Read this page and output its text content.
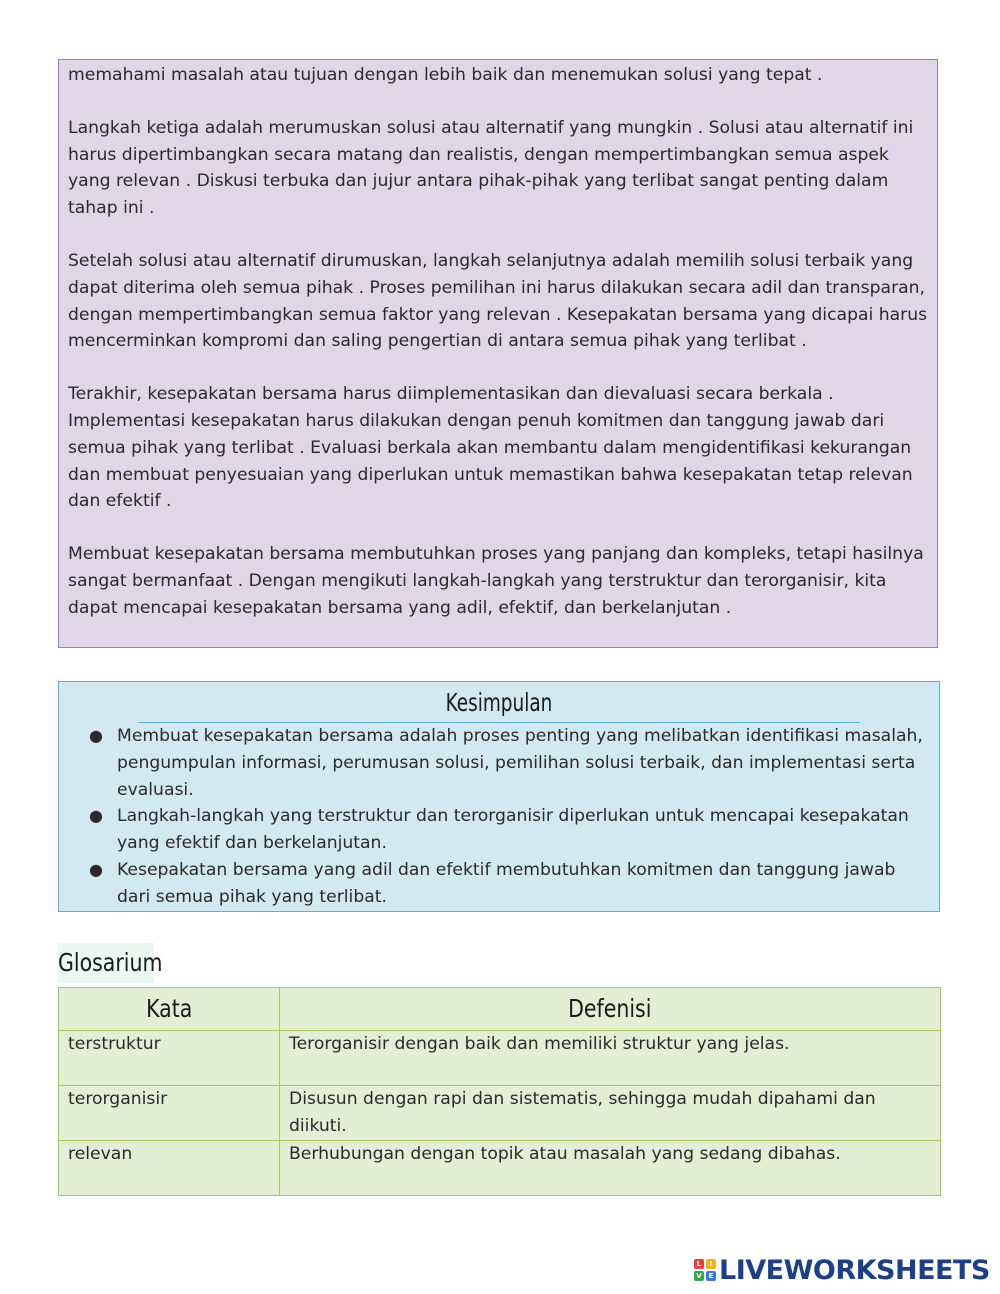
memahami masalah atau tujuan dengan lebih baik dan menemukan solusi yang tepat .

Langkah ketiga adalah merumuskan solusi atau alternatif yang mungkin . Solusi atau alternatif ini harus dipertimbangkan secara matang dan realistis, dengan mempertimbangkan semua aspek yang relevan . Diskusi terbuka dan jujur antara pihak-pihak yang terlibat sangat penting dalam tahap ini .

Setelah solusi atau alternatif dirumuskan, langkah selanjutnya adalah memilih solusi terbaik yang dapat diterima oleh semua pihak . Proses pemilihan ini harus dilakukan secara adil dan transparan, dengan mempertimbangkan semua faktor yang relevan . Kesepakatan bersama yang dicapai harus mencerminkan kompromi dan saling pengertian di antara semua pihak yang terlibat .

Terakhir, kesepakatan bersama harus diimplementasikan dan dievaluasi secara berkala . Implementasi kesepakatan harus dilakukan dengan penuh komitmen dan tanggung jawab dari semua pihak yang terlibat . Evaluasi berkala akan membantu dalam mengidentifikasi kekurangan dan membuat penyesuaian yang diperlukan untuk memastikan bahwa kesepakatan tetap relevan dan efektif .

Membuat kesepakatan bersama membutuhkan proses yang panjang dan kompleks, tetapi hasilnya sangat bermanfaat . Dengan mengikuti langkah-langkah yang terstruktur dan terorganisir, kita dapat mencapai kesepakatan bersama yang adil, efektif, dan berkelanjutan .

Kesimpulan
● Membuat kesepakatan bersama adalah proses penting yang melibatkan identifikasi masalah, pengumpulan informasi, perumusan solusi, pemilihan solusi terbaik, dan implementasi serta evaluasi.
● Langkah-langkah yang terstruktur dan terorganisir diperlukan untuk mencapai kesepakatan yang efektif dan berkelanjutan.
● Kesepakatan bersama yang adil dan efektif membutuhkan komitmen dan tanggung jawab dari semua pihak yang terlibat.
Glosarium
Kata	Defenisi
terstruktur	Terorganisir dengan baik dan memiliki struktur yang jelas.
terorganisir	Disusun dengan rapi dan sistematis, sehingga mudah dipahami dan diikuti.
relevan	Berhubungan dengan topik atau masalah yang sedang dibahas.
L	I
V E LIVEWORKSHEETS
